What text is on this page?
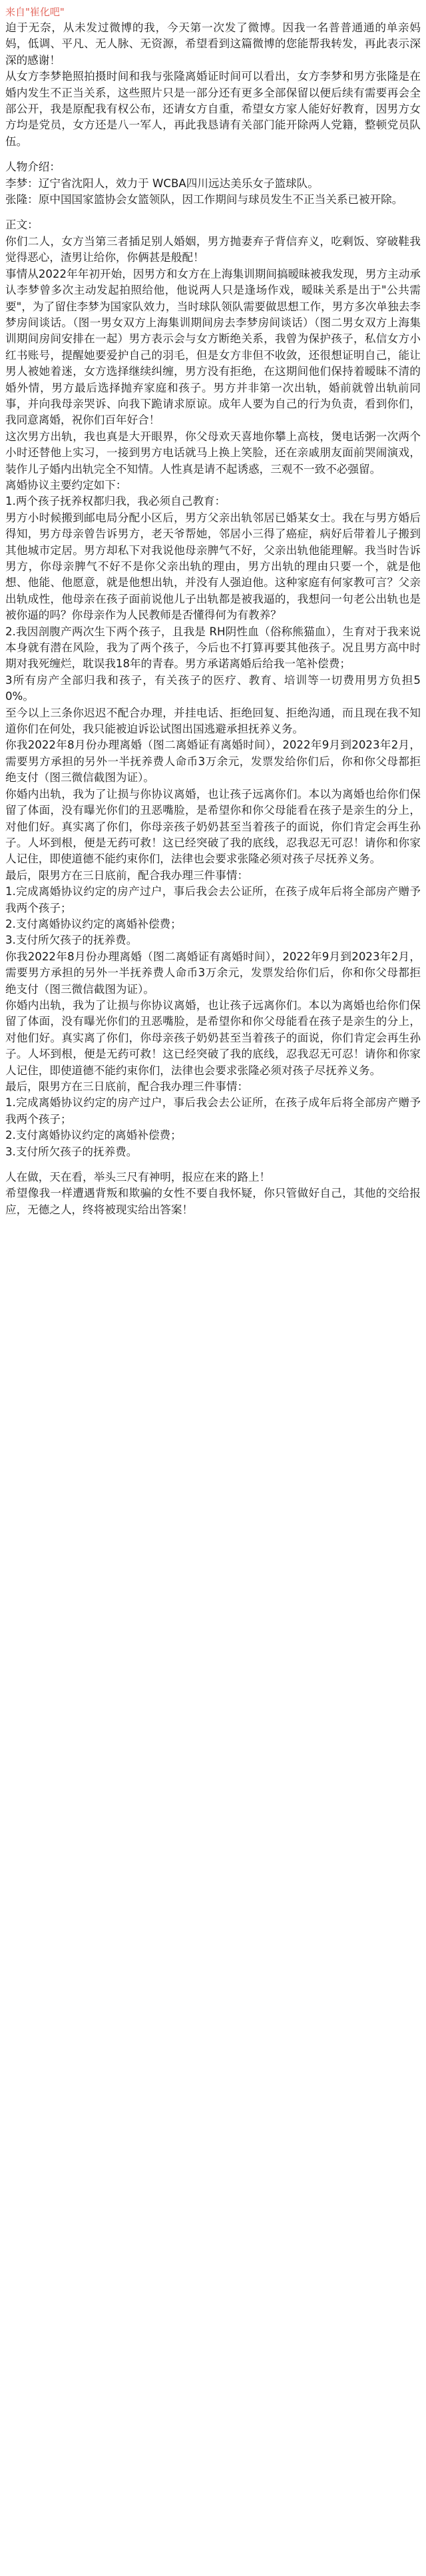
来自"崔化吧"
迫于无奈，从未发过微博的我，今天第一次发了微博。因我一名普普通通的单亲妈妈，低调、平凡、无人脉、无资源，希望看到这篇微博的您能帮我转发，再此表示深深的感谢！
从女方李梦艳照拍摄时间和我与张隆离婚证时间可以看出，女方李梦和男方张隆是在婚内发生不正当关系，这些照片只是一部分还有更多全部保留以便后续有需要再会全部公开，我是原配我有权公布，还请女方自重，希望女方家人能好好教育，因男方女方均是党员，女方还是八一军人，再此我恳请有关部门能开除两人党籍，整顿党员队伍。
人物介绍：
李梦：辽宁省沈阳人，效力于 WCBA四川远达美乐女子篮球队。
张隆：原中国国家篮协会女篮领队，因工作期间与球员发生不正当关系已被开除。
正文：
你们二人，女方当第三者插足别人婚姻，男方抛妻弃子背信弃义，吃剩饭、穿破鞋我觉得恶心，渣男让给你，你俩甚是般配！
事情从2022年年初开始，因男方和女方在上海集训期间搞暧昧被我发现，男方主动承认李梦曾多次主动发起拍照给他，他说两人只是逢场作戏，暧昧关系是出于"公共需要"，为了留住李梦为国家队效力，当时球队领队需要做思想工作，男方多次单独去李梦房间谈话。（图一男女双方上海集训期间房去李梦房间谈话）（图二男女双方上海集训期间房间安排在一起）男方表示会与女方断绝关系，我曾为保护孩子，私信女方小红书账号，提醒她要爱护自己的羽毛，但是女方非但不收敛，还很想证明自己，能让男人被她着迷，女方选择继续纠缠，男方没有拒绝，在这期间他们保持着暧昧不清的婚外情，男方最后选择抛弃家庭和孩子。男方并非第一次出轨，婚前就曾出轨前同事，并向我母亲哭诉、向我下跪请求原谅。成年人要为自己的行为负责，看到你们，我同意离婚，祝你们百年好合！
这次男方出轨，我也真是大开眼界，你父母欢天喜地你攀上高枝，煲电话粥一次两个小时还替他上实习，一接到男方电话就马上换上笑脸，还在亲戚朋友面前哭闹演戏，装作儿子婚内出轨完全不知情。人性真是请不起诱惑，三观不一致不必强留。
离婚协议主要约定如下：
1.两个孩子抚养权都归我，我必须自己教育：
男方小时候搬到邮电局分配小区后，男方父亲出轨邻居已婚某女士。我在与男方婚后得知，男方母亲曾告诉男方，老天爷帮她，邻居小三得了癌症，病好后带着儿子搬到其他城市定居。男方却私下对我说他母亲脾气不好，父亲出轨他能理解。我当时告诉男方，你母亲脾气不好不是你父亲出轨的理由，男方出轨的理由只要一个，就是他想、他能、他愿意，就是他想出轨，并没有人强迫他。这种家庭有何家教可言？父亲出轨成性，他母亲在孩子面前说他儿子出轨都是被我逼的，我想问一句老公出轨也是被你逼的吗？你母亲作为人民教师是否懂得何为有教养？
2.我因剖腹产两次生下两个孩子，且我是 RH阴性血（俗称熊猫血），生育对于我来说本身就有潜在风险，我为了两个孩子，今后也不打算再要其他孩子。况且男方高中时期对我死缠烂，耽误我18年的青春。男方承诺离婚后给我一笔补偿费；
3所有房产全部归我和孩子，有关孩子的医疗、教育、培训等一切费用男方负担50%。
至今以上三条你迟迟不配合办理，并挂电话、拒绝回复、拒绝沟通，而且现在我不知道你们在何处，我只能被迫诉讼试图出国逃避承担抚养义务。
你我2022年8月份办理离婚（图二离婚证有离婚时间），2022年9月到2023年2月，需要男方承担的另外一半抚养费人命币3万余元，发票发给你们后，你和你父母都拒绝支付（图三微信截图为证）。
你婚内出轨，我为了让损与你协议离婚，也让孩子远离你们。本以为离婚也给你们保留了体面，没有曝光你们的丑恶嘴脸，是希望你和你父母能看在孩子是亲生的分上，对他们好。真实离了你们，你母亲孩子奶奶甚至当着孩子的面说，你们肯定会再生孙子。人坏到根，便是无药可救！这已经突破了我的底线，忍我忍无可忍！请你和你家人记住，即使道德不能约束你们，法律也会要求张隆必须对孩子尽抚养义务。
最后，限男方在三日底前，配合我办理三件事情：
1.完成离婚协议约定的房产过户，事后我会去公证所，在孩子成年后将全部房产赠予我两个孩子；
2.支付离婚协议约定的离婚补偿费；
3.支付所欠孩子的抚养费。
你我2022年8月份办理离婚（图二离婚证有离婚时间），2022年9月到2023年2月，需要男方承担的另外一半抚养费人命币3万余元，发票发给你们后，你和你父母都拒绝支付（图三微信截图为证）。
你婚内出轨，我为了让损与你协议离婚，也让孩子远离你们。本以为离婚也给你们保留了体面，没有曝光你们的丑恶嘴脸，是希望你和你父母能看在孩子是亲生的分上，对他们好。真实离了你们，你母亲孩子奶奶甚至当着孩子的面说，你们肯定会再生孙子。人坏到根，便是无药可救！这已经突破了我的底线，忍我忍无可忍！请你和你家人记住，即使道德不能约束你们，法律也会要求张隆必须对孩子尽抚养义务。
最后，限男方在三日底前，配合我办理三件事情：
1.完成离婚协议约定的房产过户，事后我会去公证所，在孩子成年后将全部房产赠予我两个孩子；
2.支付离婚协议约定的离婚补偿费；
3.支付所欠孩子的抚养费。
人在做，天在看，举头三尺有神明，报应在来的路上！
希望像我一样遭遇背叛和欺骗的女性不要自我怀疑，你只管做好自己，其他的交给报应，无德之人，终将被现实给出答案！
